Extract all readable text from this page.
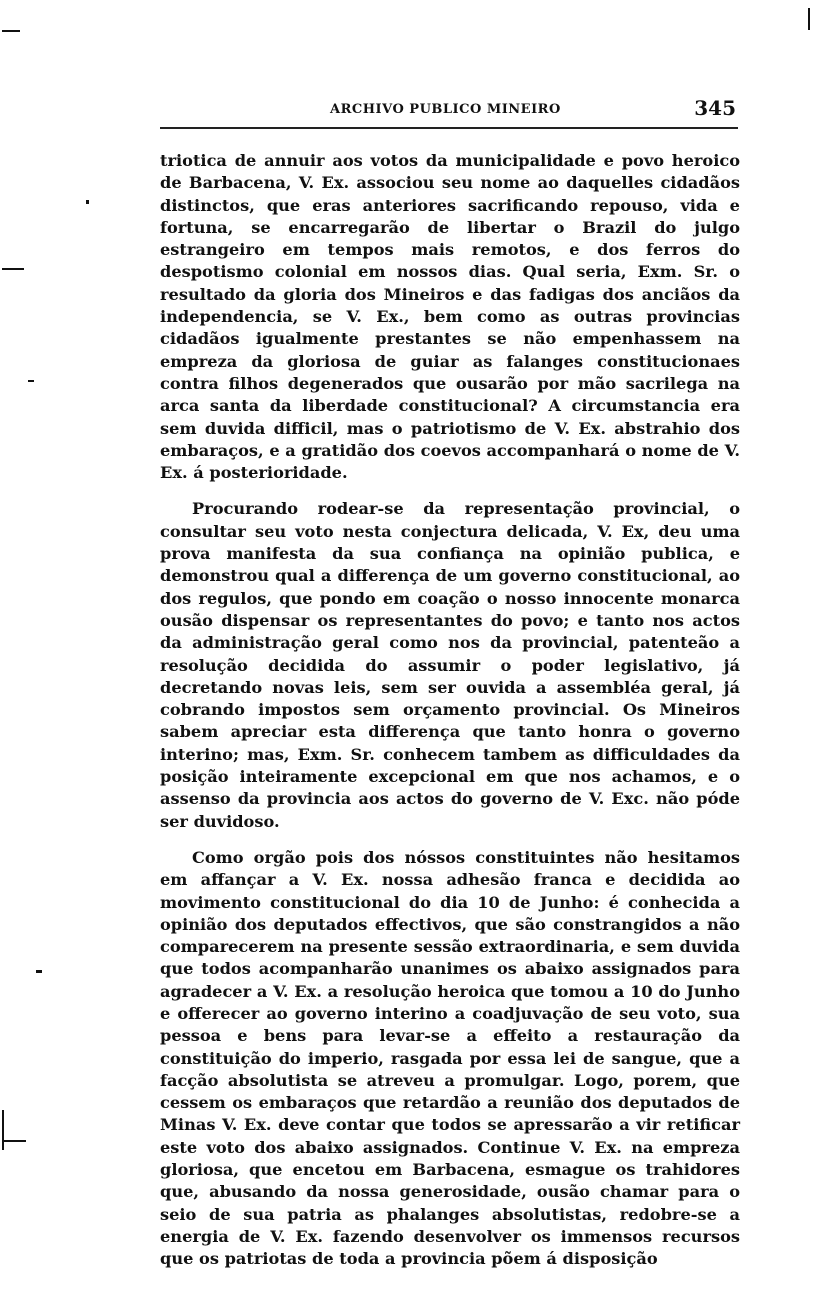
ARCHIVO PUBLICO MINEIRO	345

triotica de annuir aos votos da municipalidade e povo heroico de Barbacena, V. Ex. associou seu nome ao daquelles cidadãos distinctos, que eras anteriores sacrificando repouso, vida e fortuna, se encarregarão de libertar o Brazil do julgo estrangeiro em tempos mais remotos, e dos ferros do despotismo colonial em nossos dias. Qual seria, Exm. Sr. o resultado da gloria dos Mineiros e das fadigas dos anciãos da independencia, se V. Ex., bem como as outras provincias cidadãos igualmente prestantes se não empenhassem na empreza da gloriosa de guiar as falanges constitucionaes contra filhos degenerados que ousarão por mão sacrilega na arca santa da liberdade constitucional? A circumstancia era sem duvida difficil, mas o patriotismo de V. Ex. abstrahio dos embaraços, e a gratidão dos coevos accompanhará o nome de V. Ex. á posterioridade.

Procurando rodear-se da representação provincial, o consultar seu voto nesta conjectura delicada, V. Ex, deu uma prova manifesta da sua confiança na opinião publica, e demonstrou qual a differença de um governo constitucional, ao dos regulos, que pondo em coação o nosso innocente monarca ousão dispensar os representantes do povo; e tanto nos actos da administração geral como nos da provincial, patenteão a resolução decidida do assumir o poder legislativo, já decretando novas leis, sem ser ouvida a assembléa geral, já cobrando impostos sem orçamento provincial. Os Mineiros sabem apreciar esta differença que tanto honra o governo interino; mas, Exm. Sr. conhecem tambem as difficuldades da posição inteiramente excepcional em que nos achamos, e o assenso da provincia aos actos do governo de V. Exc. não póde ser duvidoso.

Como orgão pois dos nóssos constituintes não hesitamos em affançar a V. Ex. nossa adhesão franca e decidida ao movimento constitucional do dia 10 de Junho: é conhecida a opinião dos deputados effectivos, que são constrangidos a não comparecerem na presente sessão extraordinaria, e sem duvida que todos acompanharão unanimes os abaixo assignados para agradecer a V. Ex. a resolução heroica que tomou a 10 do Junho e offerecer ao governo interino a coadjuvação de seu voto, sua pessoa e bens para levar-se a effeito a restauração da constituição do imperio, rasgada por essa lei de sangue, que a facção absolutista se atreveu a promulgar. Logo, porem, que cessem os embaraços que retardão a reunião dos deputados de Minas V. Ex. deve contar que todos se apressarão a vir retificar este voto dos abaixo assignados. Continue V. Ex. na empreza gloriosa, que encetou em Barbacena, esmague os trahidores que, abusando da nossa generosidade, ousão chamar para o seio de sua patria as phalanges absolutistas, redobre-se a energia de V. Ex. fazendo desenvolver os immensos recursos que os patriotas de toda a provincia põem á disposição
